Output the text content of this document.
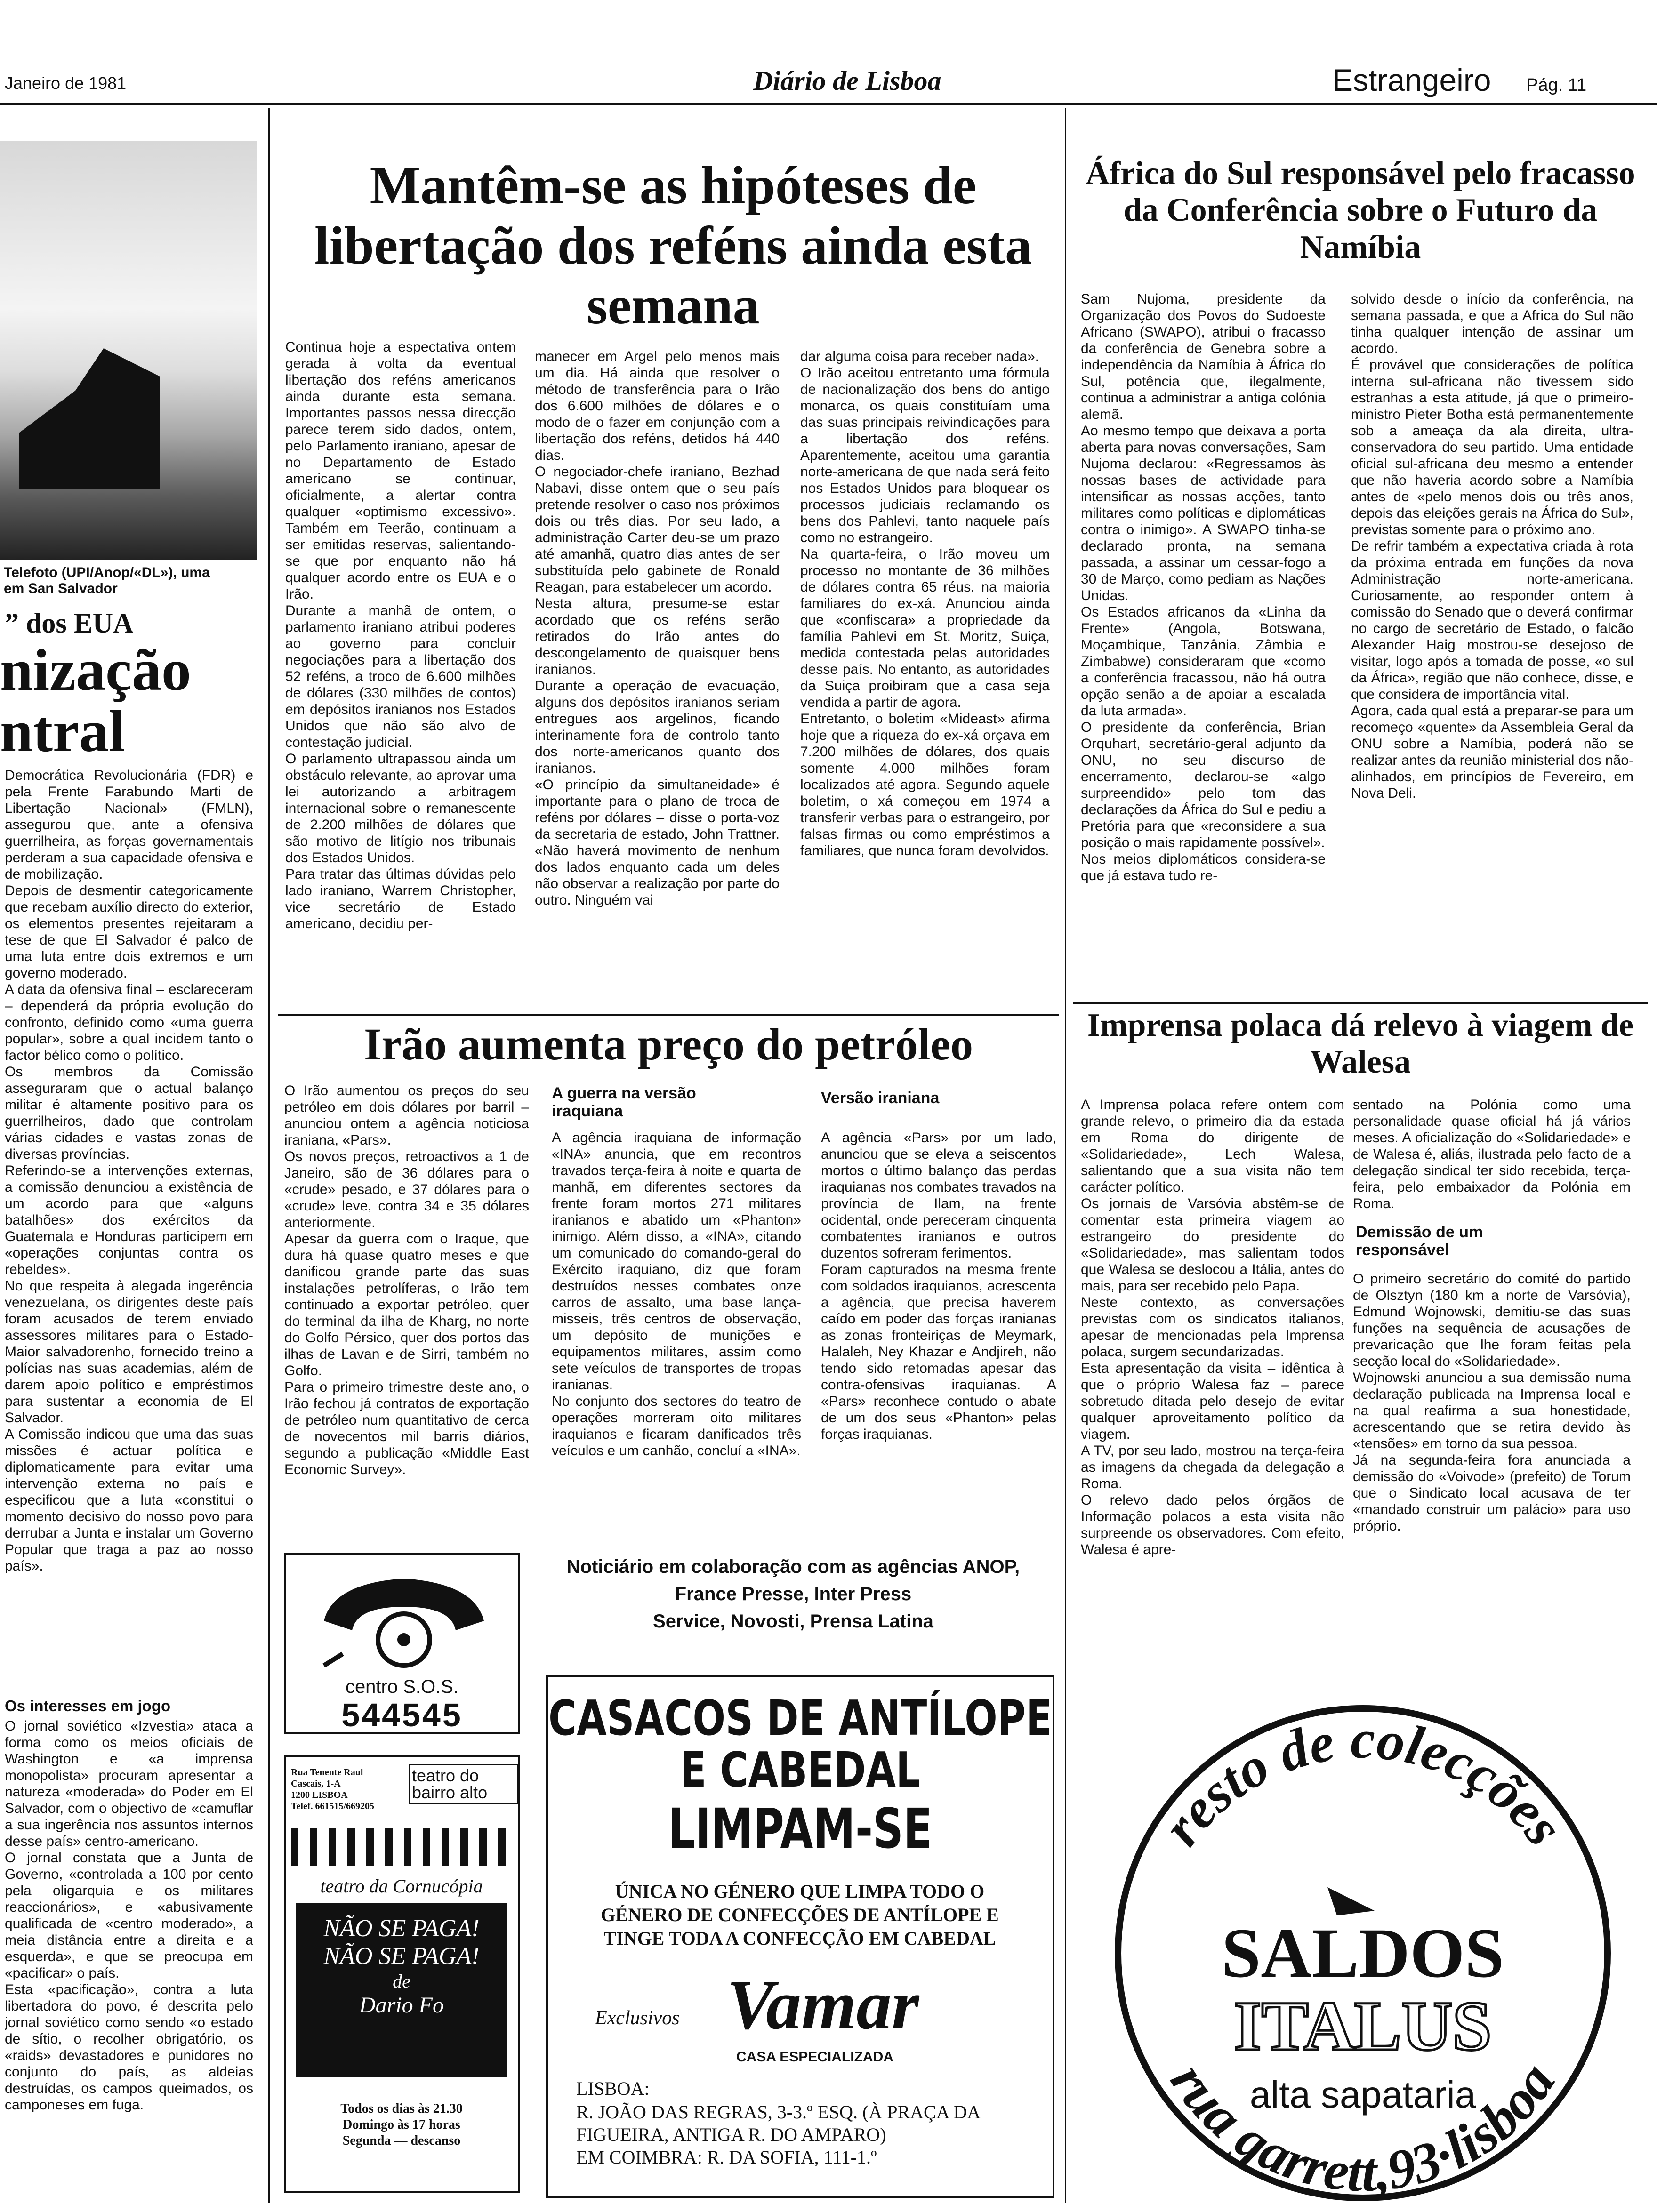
Janeiro de 1981	Diário de Lisboa	Estrangeiro Pág. 11
Telefoto (UPI/Anop/«DL»), uma
em San Salvador
” dos EUA
nização
ntral
Democrática Revolucionária (FDR) e pela Frente Farabundo Marti de Libertação Nacional» (FMLN), assegurou que, ante a ofensiva guerrilheira, as forças governamentais perderam a sua capacidade ofensiva e de mobilização.
Depois de desmentir categoricamente que recebam auxílio directo do exterior, os elementos presentes rejeitaram a tese de que El Salvador é palco de uma luta entre dois extremos e um governo moderado.
A data da ofensiva final – esclareceram – dependerá da própria evolução do confronto, definido como «uma guerra popular», sobre a qual incidem tanto o factor bélico como o político.
Os membros da Comissão asseguraram que o actual balanço militar é altamente positivo para os guerrilheiros, dado que controlam várias cidades e vastas zonas de diversas províncias.
Referindo-se a intervenções externas, a comissão denunciou a existência de um acordo para que «alguns batalhões» dos exércitos da Guatemala e Honduras participem em «operações conjuntas contra os rebeldes».
No que respeita à alegada ingerência venezuelana, os dirigentes deste país foram acusados de terem enviado assessores militares para o Estado-Maior salvadorenho, fornecido treino a polícias nas suas academias, além de darem apoio político e empréstimos para sustentar a economia de El Salvador.
A Comissão indicou que uma das suas missões é actuar política e diplomaticamente para evitar uma intervenção externa no país e especificou que a luta «constitui o momento decisivo do nosso povo para derrubar a Junta e instalar um Governo Popular que traga a paz ao nosso país».
Os interesses em jogo
O jornal soviético «Izvestia» ataca a forma como os meios oficiais de Washington e «a imprensa monopolista» procuram apresentar a natureza «moderada» do Poder em El Salvador, com o objectivo de «camuflar a sua ingerência nos assuntos internos desse país» centro-americano.
O jornal constata que a Junta de Governo, «controlada a 100 por cento pela oligarquia e os militares reaccionários», e «abusivamente qualificada de «centro moderado», a meia distância entre a direita e a esquerda», e que se preocupa em «pacificar» o país.
Esta «pacificação», contra a luta libertadora do povo, é descrita pelo jornal soviético como sendo «o estado de sítio, o recolher obrigatório, os «raids» devastadores e punidores no conjunto do país, as aldeias destruídas, os campos queimados, os camponeses em fuga.
Mantêm-se as hipóteses de libertação dos reféns ainda esta semana
Continua hoje a espectativa ontem gerada à volta da eventual libertação dos reféns americanos ainda durante esta semana. Importantes passos nessa direcção parece terem sido dados, ontem, pelo Parlamento iraniano, apesar de no Departamento de Estado americano se continuar, oficialmente, a alertar contra qualquer «optimismo excessivo». Também em Teerão, continuam a ser emitidas reservas, salientando-se que por enquanto não há qualquer acordo entre os EUA e o Irão.
Durante a manhã de ontem, o parlamento iraniano atribui poderes ao governo para concluir negociações para a libertação dos 52 reféns, a troco de 6.600 milhões de dólares (330 milhões de contos) em depósitos iranianos nos Estados Unidos que não são alvo de contestação judicial.
O parlamento ultrapassou ainda um obstáculo relevante, ao aprovar uma lei autorizando a arbitragem internacional sobre o remanescente de 2.200 milhões de dólares que são motivo de litígio nos tribunais dos Estados Unidos.
Para tratar das últimas dúvidas pelo lado iraniano, Warrem Christopher, vice secretário de Estado americano, decidiu per-
manecer em Argel pelo menos mais um dia. Há ainda que resolver o método de transferência para o Irão dos 6.600 milhões de dólares e o modo de o fazer em conjunção com a libertação dos reféns, detidos há 440 dias.
O negociador-chefe iraniano, Bezhad Nabavi, disse ontem que o seu país pretende resolver o caso nos próximos dois ou três dias. Por seu lado, a administração Carter deu-se um prazo até amanhã, quatro dias antes de ser substituída pelo gabinete de Ronald Reagan, para estabelecer um acordo.
Nesta altura, presume-se estar acordado que os reféns serão retirados do Irão antes do descongelamento de quaisquer bens iranianos.
Durante a operação de evacuação, alguns dos depósitos iranianos seriam entregues aos argelinos, ficando interinamente fora de controlo tanto dos norte-americanos quanto dos iranianos.
«O princípio da simultaneidade» é importante para o plano de troca de reféns por dólares – disse o porta-voz da secretaria de estado, John Trattner. «Não haverá movimento de nenhum dos lados enquanto cada um deles não observar a realização por parte do outro. Ninguém vai
dar alguma coisa para receber nada».
O Irão aceitou entretanto uma fórmula de nacionalização dos bens do antigo monarca, os quais constituíam uma das suas principais reivindicações para a libertação dos reféns. Aparentemente, aceitou uma garantia norte-americana de que nada será feito nos Estados Unidos para bloquear os processos judiciais reclamando os bens dos Pahlevi, tanto naquele país como no estrangeiro.
Na quarta-feira, o Irão moveu um processo no montante de 36 milhões de dólares contra 65 réus, na maioria familiares do ex-xá. Anunciou ainda que «confiscara» a propriedade da família Pahlevi em St. Moritz, Suiça, medida contestada pelas autoridades desse país. No entanto, as autoridades da Suiça proibiram que a casa seja vendida a partir de agora.
Entretanto, o boletim «Mideast» afirma hoje que a riqueza do ex-xá orçava em 7.200 milhões de dólares, dos quais somente 4.000 milhões foram localizados até agora. Segundo aquele boletim, o xá começou em 1974 a transferir verbas para o estrangeiro, por falsas firmas ou como empréstimos a familiares, que nunca foram devolvidos.
Irão aumenta preço do petróleo
O Irão aumentou os preços do seu petróleo em dois dólares por barril – anunciou ontem a agência noticiosa iraniana, «Pars».
Os novos preços, retroactivos a 1 de Janeiro, são de 36 dólares para o «crude» pesado, e 37 dólares para o «crude» leve, contra 34 e 35 dólares anteriormente.
Apesar da guerra com o Iraque, que dura há quase quatro meses e que danificou grande parte das suas instalações petrolíferas, o Irão tem continuado a exportar petróleo, quer do terminal da ilha de Kharg, no norte do Golfo Pérsico, quer dos portos das ilhas de Lavan e de Sirri, também no Golfo.
Para o primeiro trimestre deste ano, o Irão fechou já contratos de exportação de petróleo num quantitativo de cerca de novecentos mil barris diários, segundo a publicação «Middle East Economic Survey».
A guerra na versão iraquiana
A agência iraquiana de informação «INA» anuncia, que em recontros travados terça-feira à noite e quarta de manhã, em diferentes sectores da frente foram mortos 271 militares iranianos e abatido um «Phanton» inimigo. Além disso, a «INA», citando um comunicado do comando-geral do Exército iraquiano, diz que foram destruídos nesses combates onze carros de assalto, uma base lança-misseis, três centros de observação, um depósito de munições e equipamentos militares, assim como sete veículos de transportes de tropas iranianas.
No conjunto dos sectores do teatro de operações morreram oito militares iraquianos e ficaram danificados três veículos e um canhão, concluí a «INA».
Versão iraniana
A agência «Pars» por um lado, anunciou que se eleva a seiscentos mortos o último balanço das perdas iraquianas nos combates travados na província de Ilam, na frente ocidental, onde pereceram cinquenta combatentes iranianos e outros duzentos sofreram ferimentos.
Foram capturados na mesma frente com soldados iraquianos, acrescenta a agência, que precisa haverem caído em poder das forças iranianas as zonas fronteiriças de Meymark, Halaleh, Ney Khazar e Andjireh, não tendo sido retomadas apesar das contra-ofensivas iraquianas. A «Pars» reconhece contudo o abate de um dos seus «Phanton» pelas forças iraquianas.
Noticiário em colaboração com as agências ANOP,
France Presse, Inter Press
Service, Novosti, Prensa Latina
centro S.O.S.
544545
Rua Tenente Raul
Cascais, 1-A
1200 LISBOA
Telef. 661515/669205
teatro do bairro alto
teatro da Cornucópia
NÃO SE PAGA!
NÃO SE PAGA!
de
Dario Fo
Todos os dias às 21.30
Domingo às 17 horas
Segunda — descanso
CASACOS DE ANTÍLOPE
E CABEDAL
LIMPAM-SE
ÚNICA NO GÉNERO QUE LIMPA TODO O GÉNERO DE CONFECÇÕES DE ANTÍLOPE E TINGE TODA A CONFECÇÃO EM CABEDAL
Exclusivos Vamar
CASA ESPECIALIZADA
LISBOA:
R. JOÃO DAS REGRAS, 3-3.º ESQ. (À PRAÇA DA FIGUEIRA, ANTIGA R. DO AMPARO)
EM COIMBRA: R. DA SOFIA, 111-1.º
África do Sul responsável pelo fracasso da Conferência sobre o Futuro da Namíbia
Sam Nujoma, presidente da Organização dos Povos do Sudoeste Africano (SWAPO), atribui o fracasso da conferência de Genebra sobre a independência da Namíbia à África do Sul, potência que, ilegalmente, continua a administrar a antiga colónia alemã.
Ao mesmo tempo que deixava a porta aberta para novas conversações, Sam Nujoma declarou: «Regressamos às nossas bases de actividade para intensificar as nossas acções, tanto militares como políticas e diplomáticas contra o inimigo». A SWAPO tinha-se declarado pronta, na semana passada, a assinar um cessar-fogo a 30 de Março, como pediam as Nações Unidas.
Os Estados africanos da «Linha da Frente» (Angola, Botswana, Moçambique, Tanzânia, Zâmbia e Zimbabwe) consideraram que «como a conferência fracassou, não há outra opção senão a de apoiar a escalada da luta armada».
O presidente da conferência, Brian Orquhart, secretário-geral adjunto da ONU, no seu discurso de encerramento, declarou-se «algo surpreendido» pelo tom das declarações da África do Sul e pediu a Pretória para que «reconsidere a sua posição o mais rapidamente possível».
Nos meios diplomáticos considera-se que já estava tudo re-
solvido desde o início da conferência, na semana passada, e que a Africa do Sul não tinha qualquer intenção de assinar um acordo.
É provável que considerações de política interna sul-africana não tivessem sido estranhas a esta atitude, já que o primeiro-ministro Pieter Botha está permanentemente sob a ameaça da ala direita, ultra-conservadora do seu partido. Uma entidade oficial sul-africana deu mesmo a entender que não haveria acordo sobre a Namíbia antes de «pelo menos dois ou três anos, depois das eleições gerais na África do Sul», previstas somente para o próximo ano.
De refrir também a expectativa criada à rota da próxima entrada em funções da nova Administração norte-americana. Curiosamente, ao responder ontem à comissão do Senado que o deverá confirmar no cargo de secretário de Estado, o falcão Alexander Haig mostrou-se desejoso de visitar, logo após a tomada de posse, «o sul da África», região que não conhece, disse, e que considera de importância vital.
Agora, cada qual está a preparar-se para um recomeço «quente» da Assembleia Geral da ONU sobre a Namíbia, poderá não se realizar antes da reunião ministerial dos não-alinhados, em princípios de Fevereiro, em Nova Deli.
Imprensa polaca dá relevo à viagem de Walesa
A Imprensa polaca refere ontem com grande relevo, o primeiro dia da estada em Roma do dirigente de «Solidariedade», Lech Walesa, salientando que a sua visita não tem carácter político.
Os jornais de Varsóvia abstêm-se de comentar esta primeira viagem ao estrangeiro do presidente do «Solidariedade», mas salientam todos que Walesa se deslocou a Itália, antes do mais, para ser recebido pelo Papa.
Neste contexto, as conversações previstas com os sindicatos italianos, apesar de mencionadas pela Imprensa polaca, surgem secundarizadas.
Esta apresentação da visita – idêntica à que o próprio Walesa faz – parece sobretudo ditada pelo desejo de evitar qualquer aproveitamento político da viagem.
A TV, por seu lado, mostrou na terça-feira as imagens da chegada da delegação a Roma.
O relevo dado pelos órgãos de Informação polacos a esta visita não surpreende os observadores. Com efeito, Walesa é apre-
sentado na Polónia como uma personalidade quase oficial há já vários meses. A oficialização do «Solidariedade» e de Walesa é, aliás, ilustrada pelo facto de a delegação sindical ter sido recebida, terça-feira, pelo embaixador da Polónia em Roma.
Demissão de um responsável
O primeiro secretário do comité do partido de Olsztyn (180 km a norte de Varsóvia), Edmund Wojnowski, demitiu-se das suas funções na sequência de acusações de prevaricação que lhe foram feitas pela secção local do «Solidariedade».
Wojnowski anunciou a sua demissão numa declaração publicada na Imprensa local e na qual reafirma a sua honestidade, acrescentando que se retira devido às «tensões» em torno da sua pessoa.
Já na segunda-feira fora anunciada a demissão do «Voivode» (prefeito) de Torum que o Sindicato local acusava de ter «mandado construir um palácio» para uso próprio.
resto de colecções
rua garrett,93·lisboa
SALDOS
ITALUS
alta sapataria
